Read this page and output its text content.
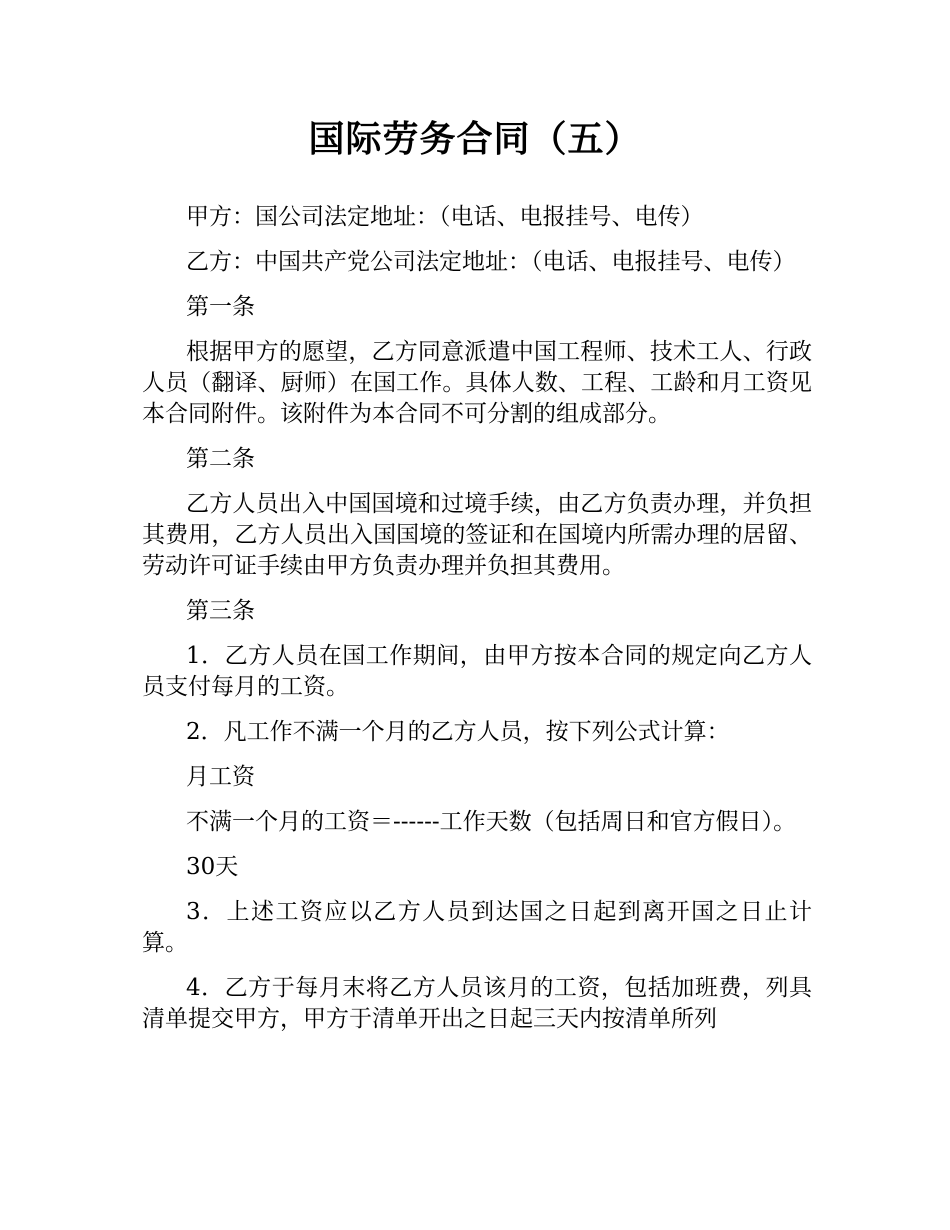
国际劳务合同（五）

甲方：国公司法定地址：（电话、电报挂号、电传）

乙方：中国共产党公司法定地址：（电话、电报挂号、电传）

第一条

根据甲方的愿望，乙方同意派遣中国工程师、技术工人、行政人员（翻译、厨师）在国工作。具体人数、工程、工龄和月工资见本合同附件。该附件为本合同不可分割的组成部分。

第二条

乙方人员出入中国国境和过境手续，由乙方负责办理，并负担其费用，乙方人员出入国国境的签证和在国境内所需办理的居留、劳动许可证手续由甲方负责办理并负担其费用。

第三条

1．乙方人员在国工作期间，由甲方按本合同的规定向乙方人员支付每月的工资。

2．凡工作不满一个月的乙方人员，按下列公式计算：

月工资

不满一个月的工资＝------工作天数（包括周日和官方假日）。

30天

3．上述工资应以乙方人员到达国之日起到离开国之日止计算。

4．乙方于每月末将乙方人员该月的工资，包括加班费，列具清单提交甲方，甲方于清单开出之日起三天内按清单所列
